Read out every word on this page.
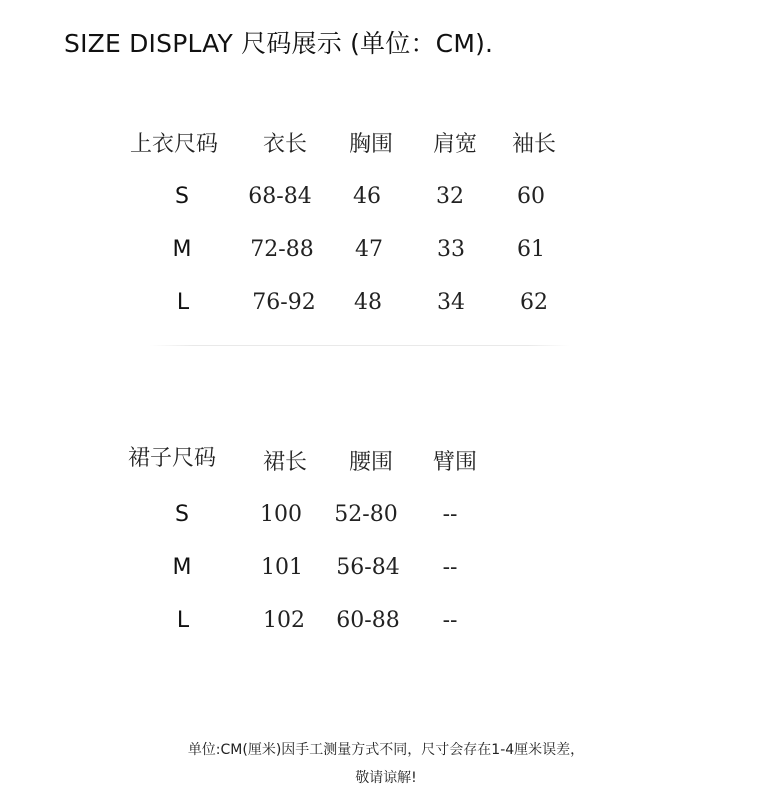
SIZE DISPLAY 尺码展示 (单位：CM).
上衣尺码 衣长 胸围 肩宽 袖长
S	68-84 46	32 60
M	72-88 47 33 61
L	76-92 48	34	62
裙子尺码 裙长 腰围 臂围
S	100 52-80 --
M	101 56-84 --
L	102 60-88 --
单位:CM(厘米)因手工测量方式不同，尺寸会存在1-4厘米误差，
敬请谅解!
